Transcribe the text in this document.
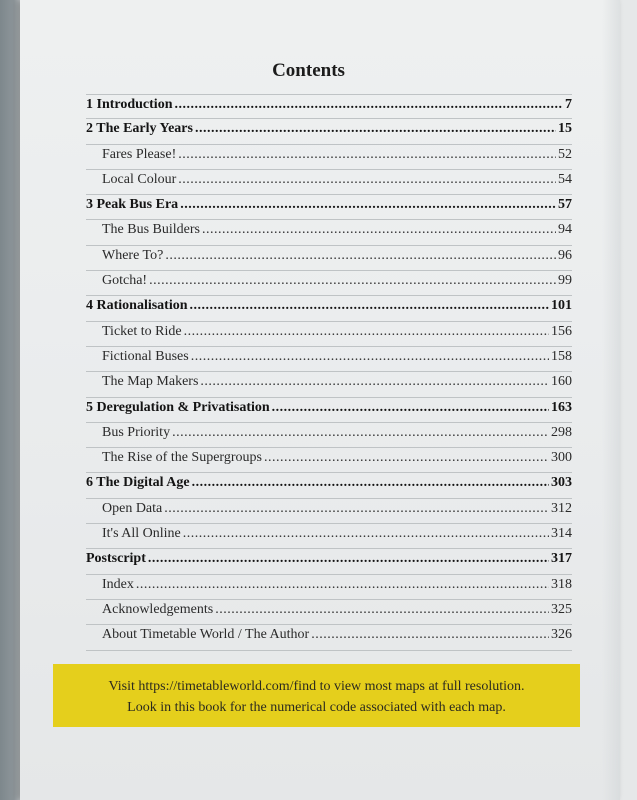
Contents
1 Introduction .....	7
2 The Early Years .....	15
Fares Please! .....	52
Local Colour .....	54
3 Peak Bus Era .....	57
The Bus Builders .....	94
Where To? .....	96
Gotcha! .....	99
4 Rationalisation .....	101
Ticket to Ride .....	156
Fictional Buses .....	158
The Map Makers .....	160
5 Deregulation & Privatisation .....	163
Bus Priority .....	298
The Rise of the Supergroups .....	300
6 The Digital Age .....	303
Open Data .....	312
It's All Online .....	314
Postscript .....	317
Index .....	318
Acknowledgements .....	325
About Timetable World / The Author .....	326
Visit https://timetableworld.com/find to view most maps at full resolution.
Look in this book for the numerical code associated with each map.
